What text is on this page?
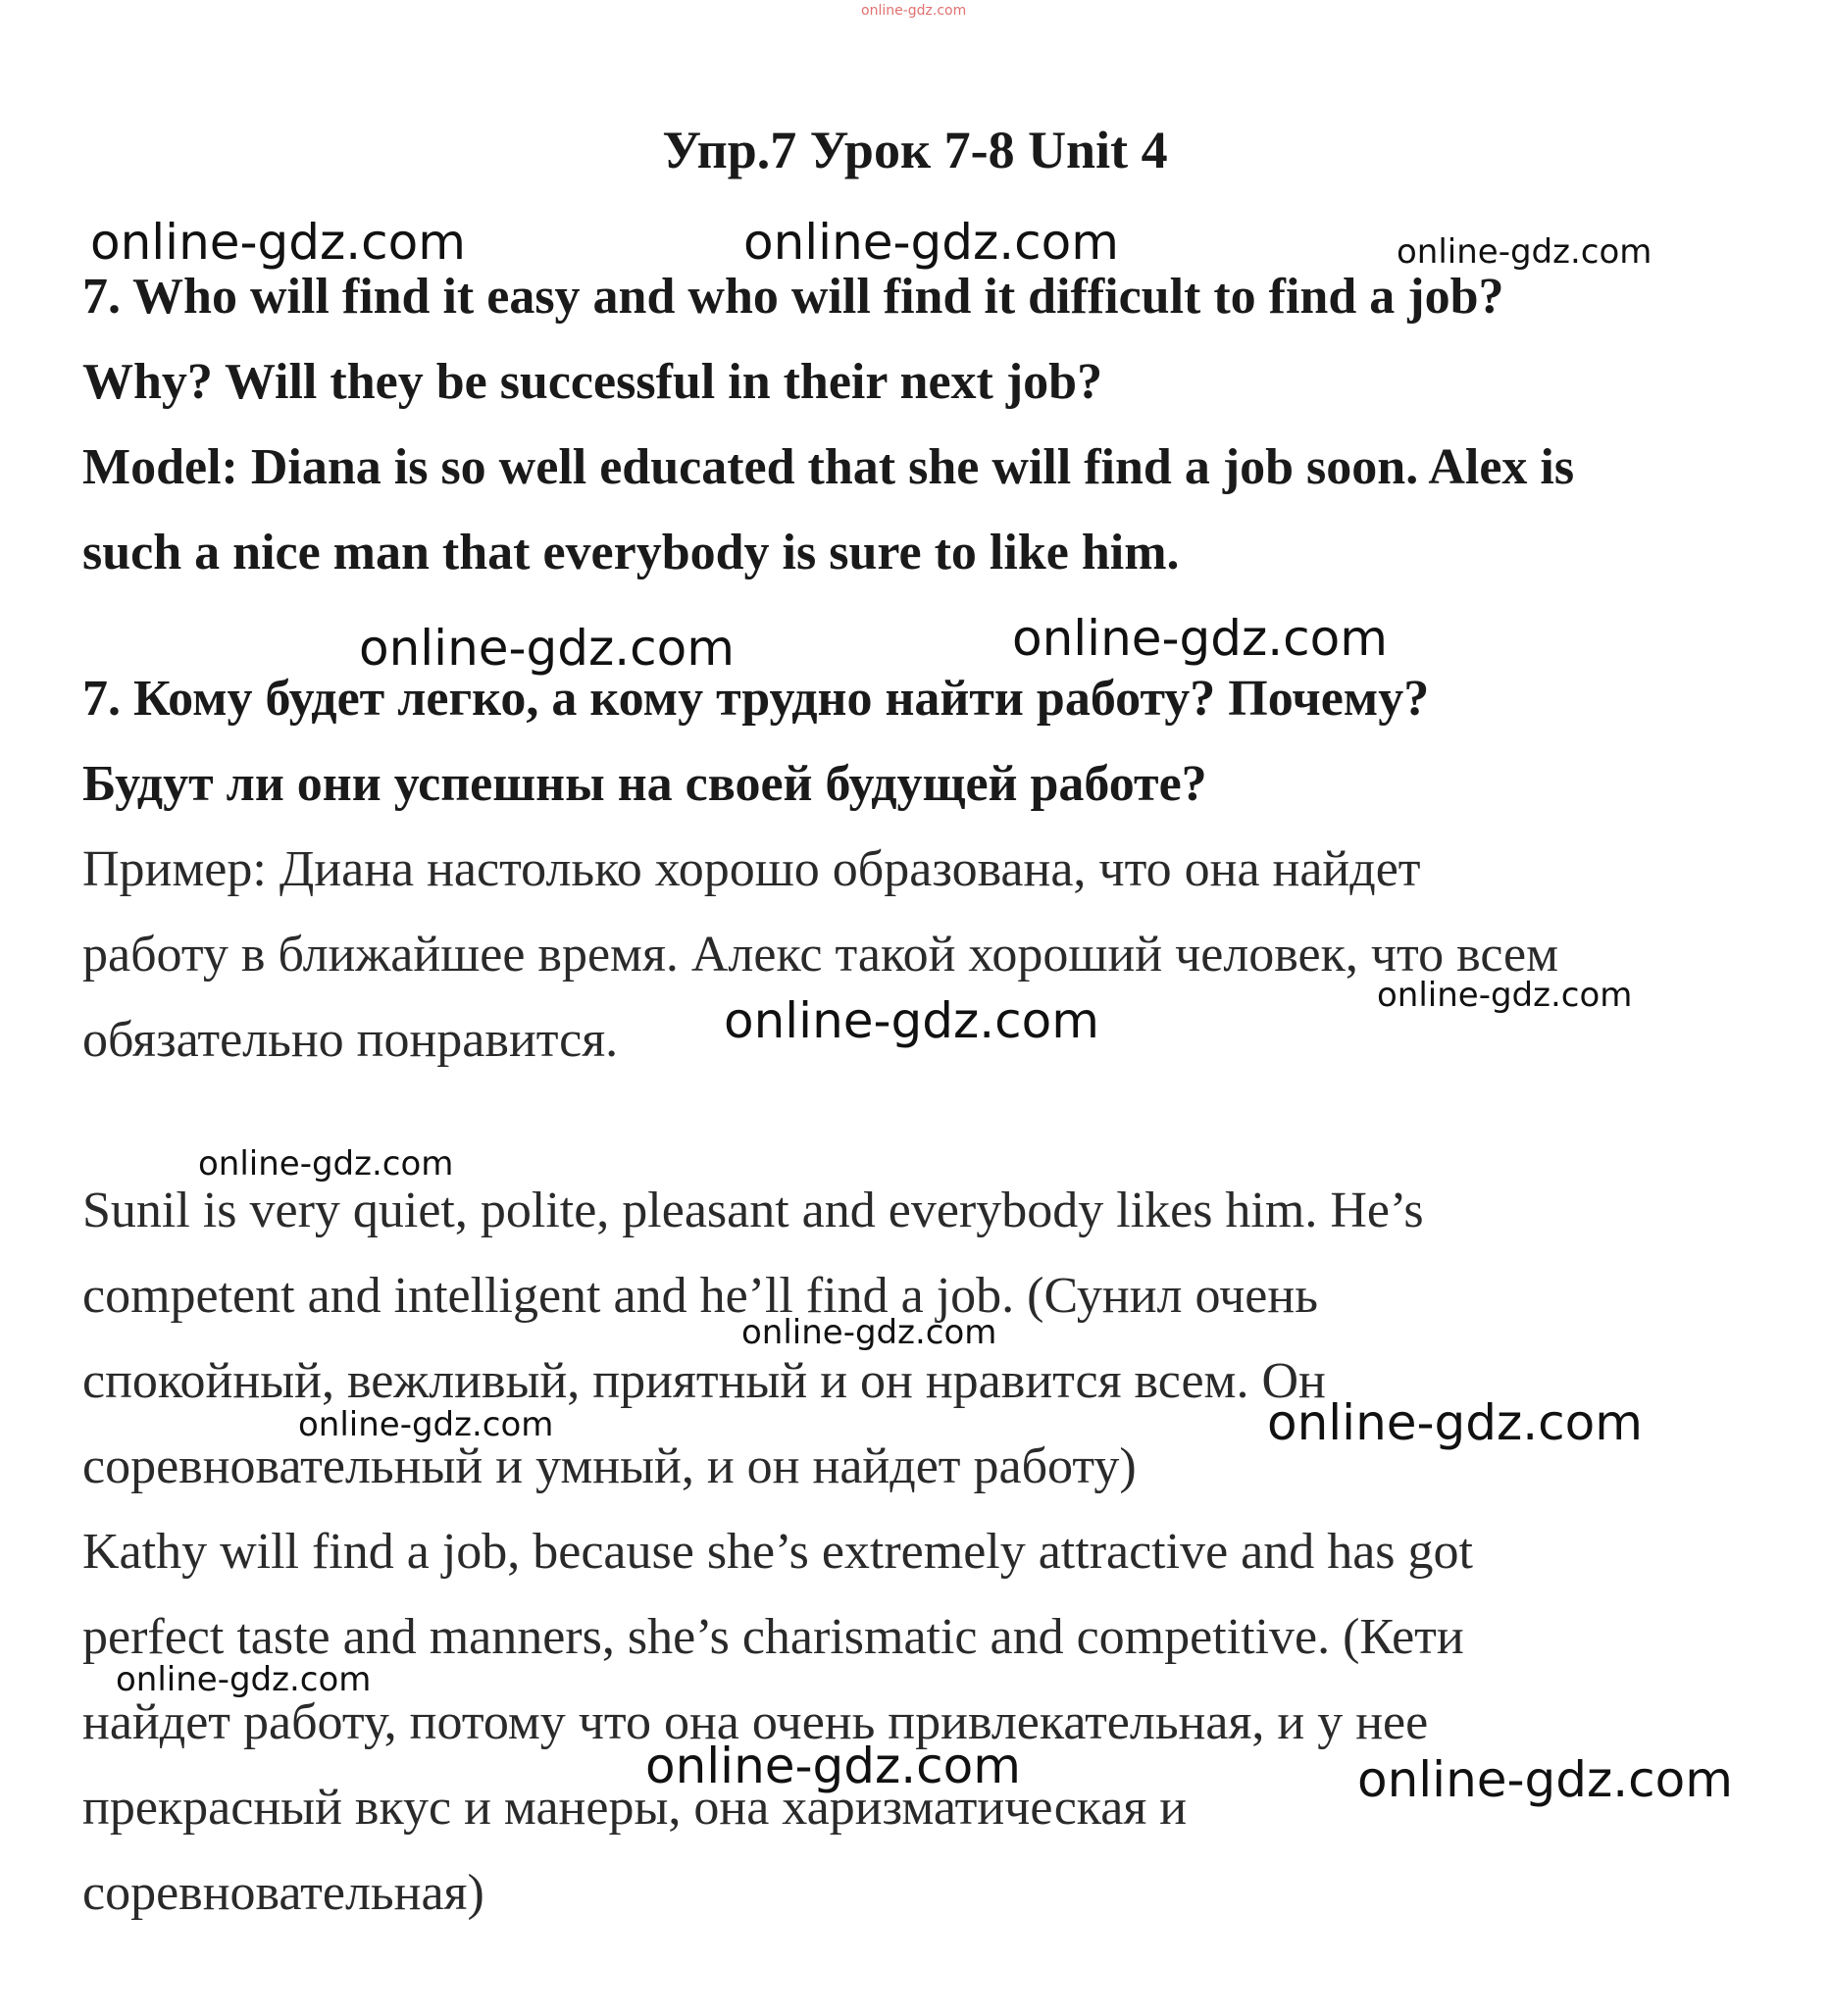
online-gdz.com
Упр.7 Урок 7-8 Unit 4
7. Who will find it easy and who will find it difficult to find a job?
Why? Will they be successful in their next job?
Model: Diana is so well educated that she will find a job soon. Alex is
such a nice man that everybody is sure to like him.
7. Кому будет легко, а кому трудно найти работу? Почему?
Будут ли они успешны на своей будущей работе?
Пример: Диана настолько хорошо образована, что она найдет
работу в ближайшее время. Алекс такой хороший человек, что всем
обязательно понравится.
Sunil is very quiet, polite, pleasant and everybody likes him. He’s
competent and intelligent and he’ll find a job. (Сунил очень
спокойный, вежливый, приятный и он нравится всем. Он
соревновательный и умный, и он найдет работу)
Kathy will find a job, because she’s extremely attractive and has got
perfect taste and manners, she’s charismatic and competitive. (Кети
найдет работу, потому что она очень привлекательная, и у нее
прекрасный вкус и манеры, она харизматическая и
соревновательная)
online-gdz.com	online-gdz.com	online-gdz.com
online-gdz.com	online-gdz.com
online-gdz.com
online-gdz.com
online-gdz.com
online-gdz.com
online-gdz.com	online-gdz.com
online-gdz.com
online-gdz.com	online-gdz.com
